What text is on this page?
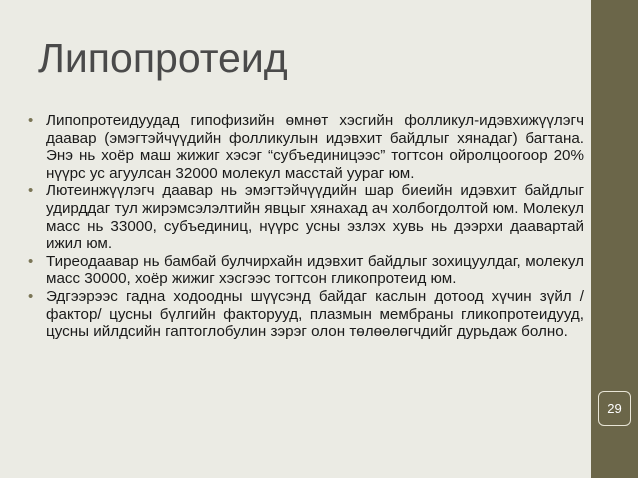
Липопротеид
• Липопротеидуудад гипофизийн өмнөт хэсгийн фолликул-идэвхижүүлэгч даавар (эмэгтэйчүүдийн фолликулын идэвхит байдлыг хянадаг) багтана. Энэ нь хоёр маш жижиг хэсэг “субъединицээс” тогтсон ойролцоогоор 20% нүүрс ус агуулсан 32000 молекул масстай уураг юм.
• Лютеинжүүлэгч даавар нь эмэгтэйчүүдийн шар биеийн идэвхит байдлыг удирддаг тул жирэмсэлэлтийн явцыг хянахад ач холбогдолтой юм. Молекул масс нь 33000, субъединиц, нүүрс усны эзлэх хувь нь дээрхи даавартай ижил юм.
• Тиреодаавар нь бамбай булчирхайн идэвхит байдлыг зохицуулдаг, молекул масс 30000, хоёр жижиг хэсгээс тогтсон гликопротеид юм.
• Эдгээрээс гадна ходоодны шүүсэнд байдаг каслын дотоод хүчин зүйл /фактор/ цусны бүлгийн факторууд, плазмын мембраны гликопротеидууд, цусны ийлдсийн гаптоглобулин зэрэг олон төлөөлөгчдийг дурьдаж болно.
29
